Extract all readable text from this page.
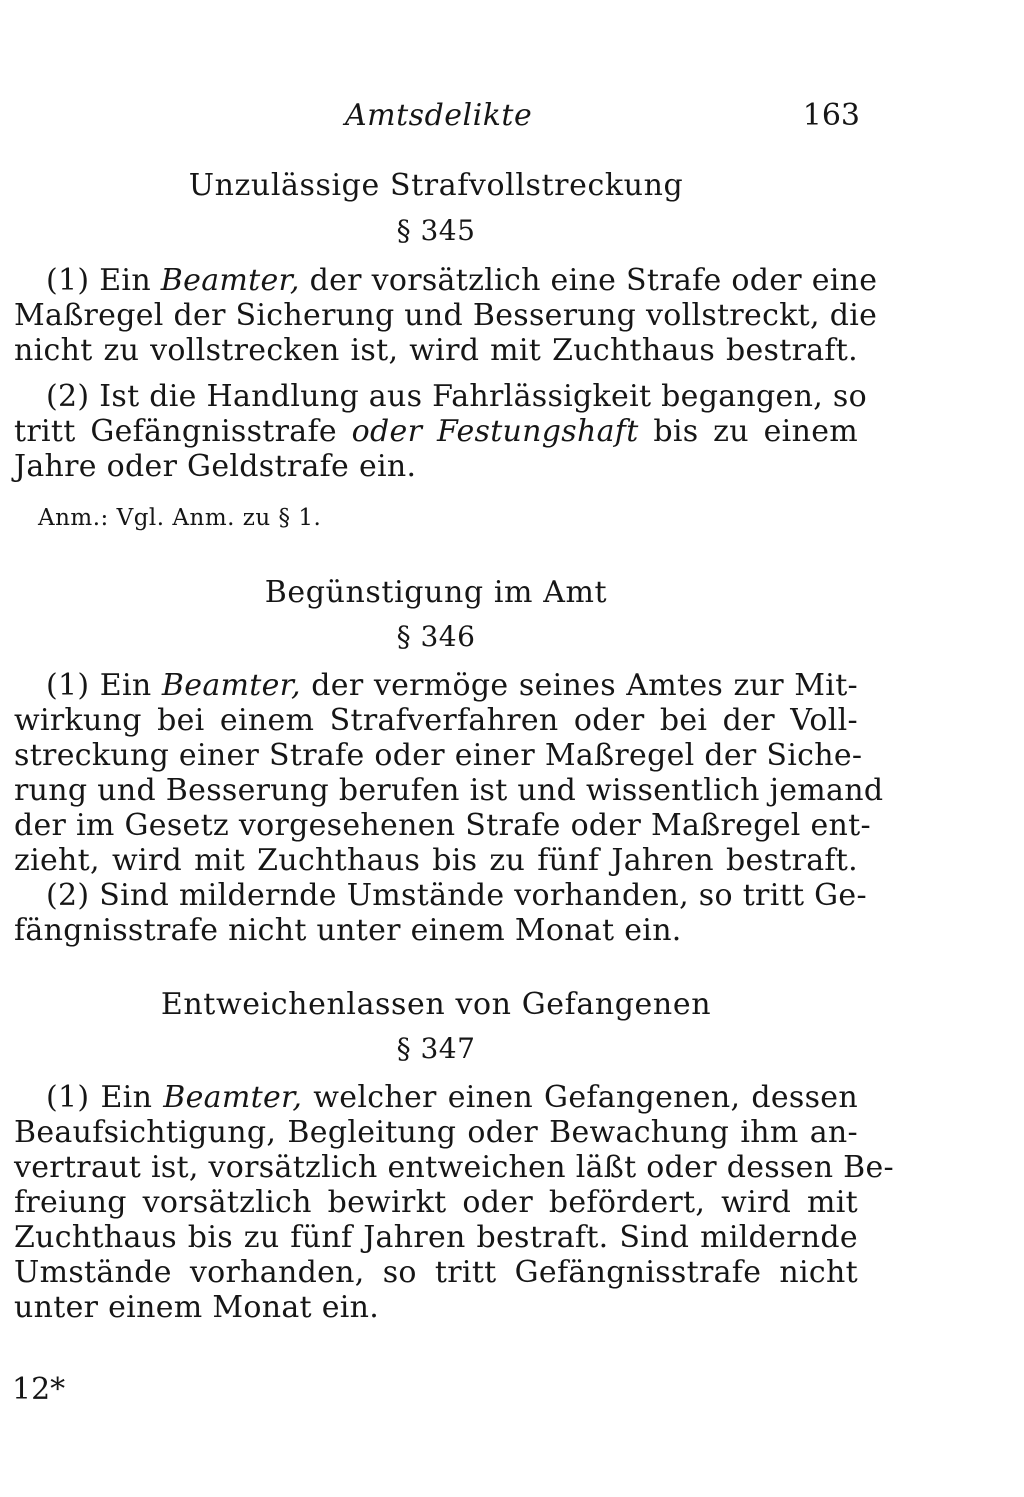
Amtsdelikte	163
Unzulässige Strafvollstreckung
§ 345
(1) Ein Beamter, der vorsätzlich eine Strafe oder eine
Maßregel der Sicherung und Besserung vollstreckt, die
nicht zu vollstrecken ist, wird mit Zuchthaus bestraft.
(2) Ist die Handlung aus Fahrlässigkeit begangen, so
tritt Gefängnisstrafe oder Festungshaft bis zu einem
Jahre oder Geldstrafe ein.
Anm.: Vgl. Anm. zu § 1.
Begünstigung im Amt
§ 346
(1) Ein Beamter, der vermöge seines Amtes zur Mit-
wirkung bei einem Strafverfahren oder bei der Voll-
streckung einer Strafe oder einer Maßregel der Siche-
rung und Besserung berufen ist und wissentlich jemand
der im Gesetz vorgesehenen Strafe oder Maßregel ent-
zieht, wird mit Zuchthaus bis zu fünf Jahren bestraft.
(2) Sind mildernde Umstände vorhanden, so tritt Ge-
fängnisstrafe nicht unter einem Monat ein.
Entweichenlassen von Gefangenen
§ 347
(1) Ein Beamter, welcher einen Gefangenen, dessen
Beaufsichtigung, Begleitung oder Bewachung ihm an-
vertraut ist, vorsätzlich entweichen läßt oder dessen Be-
freiung vorsätzlich bewirkt oder befördert, wird mit
Zuchthaus bis zu fünf Jahren bestraft. Sind mildernde
Umstände vorhanden, so tritt Gefängnisstrafe nicht
unter einem Monat ein.
12*
